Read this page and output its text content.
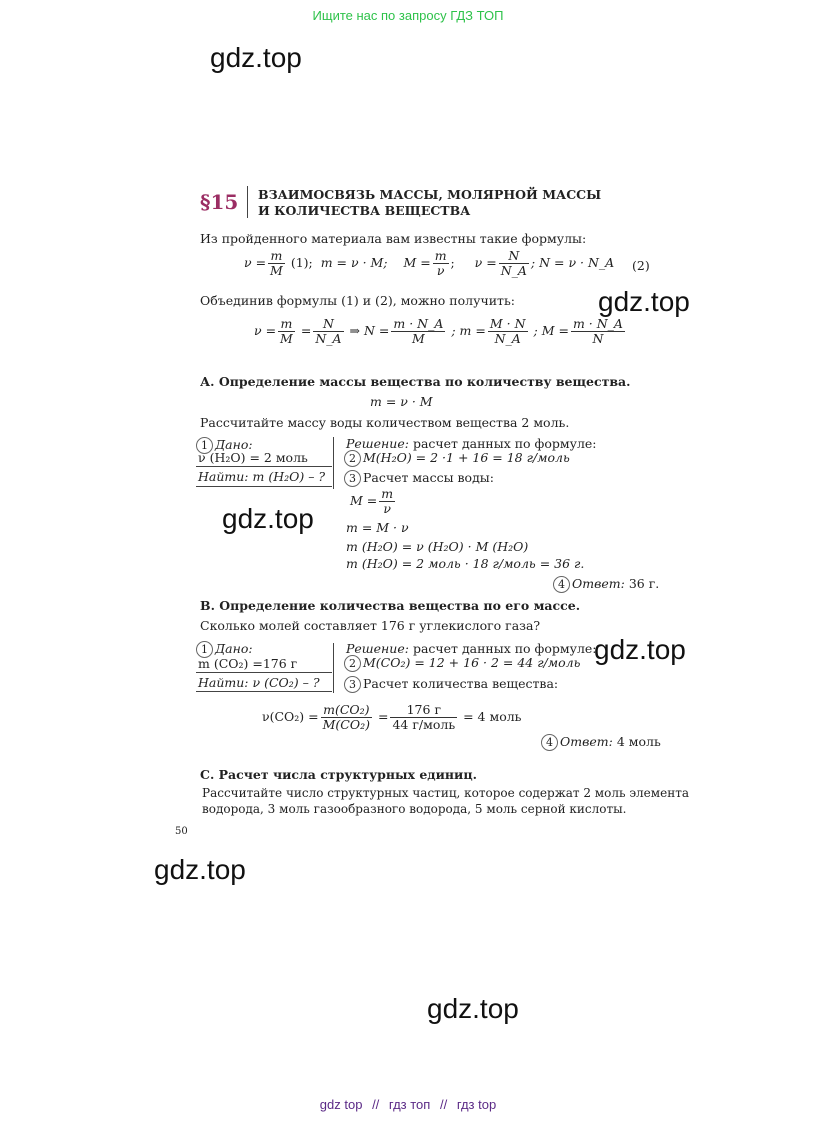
Ищите нас по запросу ГДЗ ТОП
gdz.top
gdz.top
gdz.top
gdz.top
gdz.top
gdz.top
§15 ВЗАИМОСВЯЗЬ МАССЫ, МОЛЯРНОЙ МАССЫ
И КОЛИЧЕСТВА ВЕЩЕСТВА
Из пройденного материала вам известны такие формулы:
$\nu = \frac{m}{M} (1)$; m = ν · M; $M = \frac{m}{\nu}$ ; $\nu = \frac{N}{N\_A}$ ; N = ν · N_A (2)
Объединив формулы (1) и (2), можно получить:
$\nu = \frac{m}{M} = \frac{N}{N\_A}$ ⇒ $N = \frac{m \cdot N\_A}{M}$ ; $m = \frac{M \cdot N}{N\_A}$ ; $M = \frac{m \cdot N\_A}{N}$
А. Определение массы вещества по количеству вещества.
m = ν · M
Рассчитайте массу воды количеством вещества 2 моль.
1 Дано:
ν (H₂O) = 2 моль
Найти: m (H₂O) – ?
Решение: расчет данных по формуле:
2 M(H₂O) = 2 ·1 + 16 = 18 г/моль
3 Расчет массы воды:
$M = \frac{m}{\nu}$
m = M · ν
m (H₂O) = ν (H₂O) · M (H₂O)
m (H₂O) = 2 моль · 18 г/моль = 36 г.
4 Ответ: 36 г.
В. Определение количества вещества по его массе.
Сколько молей составляет 176 г углекислого газа?
1 Дано:
m (CO₂) =176 г
Найти: ν (CO₂) – ?
Решение: расчет данных по формуле:
2 M(CO₂) = 12 + 16 · 2 = 44 г/моль
3 Расчет количества вещества:
$\nu(CO_2) = \frac{\text{m(CO₂)}}{\text{M(CO₂)}} = \frac{176 г}{\text{44 г/моль}} = 4$ моль
4 Ответ: 4 моль
С. Расчет числа структурных единиц.
Рассчитайте число структурных частиц, которое содержат 2 моль элемента
водорода, 3 моль газообразного водорода, 5 моль серной кислоты.
50
gdz top // гдз топ // гдз top
